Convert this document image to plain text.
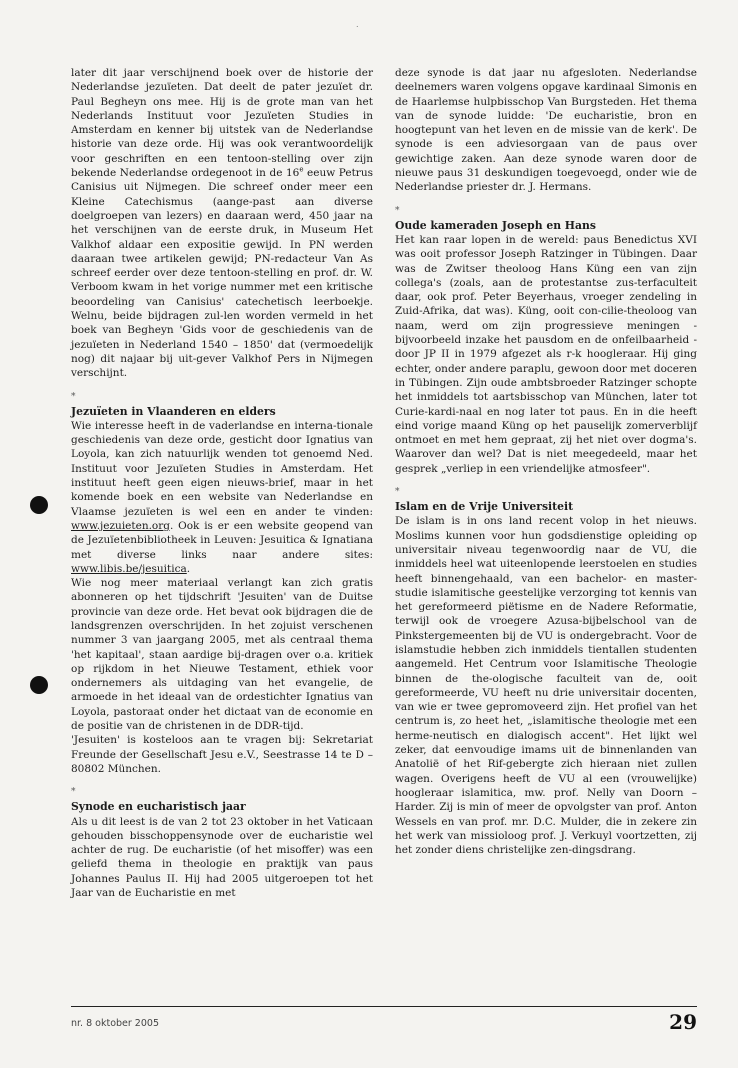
.

later dit jaar verschijnend boek over de historie der Nederlandse jezuïeten. Dat deelt de pater jezuïet dr. Paul Begheyn ons mee. Hij is de grote man van het Nederlands Instituut voor Jezuïeten Studies in Amsterdam en kenner bij uitstek van de Nederlandse historie van deze orde. Hij was ook verantwoordelijk voor geschriften en een tentoon-stelling over zijn bekende Nederlandse ordegenoot in de 16e eeuw Petrus Canisius uit Nijmegen. Die schreef onder meer een Kleine Catechismus (aange-past aan diverse doelgroepen van lezers) en daaraan werd, 450 jaar na het verschijnen van de eerste druk, in Museum Het Valkhof aldaar een expositie gewijd. In PN werden daaraan twee artikelen gewijd; PN-redacteur Van As schreef eerder over deze tentoon-stelling en prof. dr. W. Verboom kwam in het vorige nummer met een kritische beoordeling van Canisius' catechetisch leerboekje. Welnu, beide bijdragen zul-len worden vermeld in het boek van Begheyn 'Gids voor de geschiedenis van de jezuïeten in Nederland 1540 – 1850' dat (vermoedelijk nog) dit najaar bij uit-gever Valkhof Pers in Nijmegen verschijnt.

*
Jezuïeten in Vlaanderen en elders

Wie interesse heeft in de vaderlandse en interna-tionale geschiedenis van deze orde, gesticht door Ignatius van Loyola, kan zich natuurlijk wenden tot genoemd Ned. Instituut voor Jezuïeten Studies in Amsterdam. Het instituut heeft geen eigen nieuws-brief, maar in het komende boek en een website van Nederlandse en Vlaamse jezuïeten is wel een en ander te vinden: www.jezuieten.org. Ook is er een website geopend van de Jezuïetenbibliotheek in Leuven: Jesuitica & Ignatiana met diverse links naar andere sites: www.libis.be/jesuitica.

Wie nog meer materiaal verlangt kan zich gratis abonneren op het tijdschrift 'Jesuiten' van de Duitse provincie van deze orde. Het bevat ook bijdragen die de landsgrenzen overschrijden. In het zojuist verschenen nummer 3 van jaargang 2005, met als centraal thema 'het kapitaal', staan aardige bij-dragen over o.a. kritiek op rijkdom in het Nieuwe Testament, ethiek voor ondernemers als uitdaging van het evangelie, de armoede in het ideaal van de ordestichter Ignatius van Loyola, pastoraat onder het dictaat van de economie en de positie van de christenen in de DDR-tijd.

'Jesuiten' is kosteloos aan te vragen bij: Sekretariat Freunde der Gesellschaft Jesu e.V., Seestrasse 14 te D – 80802 München.

*
Synode en eucharistisch jaar

Als u dit leest is de van 2 tot 23 oktober in het Vaticaan gehouden bisschoppensynode over de eucharistie wel achter de rug. De eucharistie (of het misoffer) was een geliefd thema in theologie en praktijk van paus Johannes Paulus II. Hij had 2005 uitgeroepen tot het Jaar van de Eucharistie en met

deze synode is dat jaar nu afgesloten. Nederlandse deelnemers waren volgens opgave kardinaal Simonis en de Haarlemse hulpbisschop Van Burgsteden. Het thema van de synode luidde: 'De eucharistie, bron en hoogtepunt van het leven en de missie van de kerk'. De synode is een adviesorgaan van de paus over gewichtige zaken. Aan deze synode waren door de nieuwe paus 31 deskundigen toegevoegd, onder wie de Nederlandse priester dr. J. Hermans.

*
Oude kameraden Joseph en Hans

Het kan raar lopen in de wereld: paus Benedictus XVI was ooit professor Joseph Ratzinger in Tübingen. Daar was de Zwitser theoloog Hans Küng een van zijn collega's (zoals, aan de protestantse zus-terfaculteit daar, ook prof. Peter Beyerhaus, vroeger zendeling in Zuid-Afrika, dat was). Küng, ooit con-cilie-theoloog van naam, werd om zijn progressieve meningen - bijvoorbeeld inzake het pausdom en de onfeilbaarheid - door JP II in 1979 afgezet als r-k hoogleraar. Hij ging echter, onder andere paraplu, gewoon door met doceren in Tübingen. Zijn oude ambtsbroeder Ratzinger schopte het inmiddels tot aartsbisschop van München, later tot Curie-kardi-naal en nog later tot paus. En in die heeft eind vorige maand Küng op het pauselijk zomerverblijf ontmoet en met hem gepraat, zij het niet over dogma's. Waarover dan wel? Dat is niet meegedeeld, maar het gesprek „verliep in een vriendelijke atmosfeer".

*
Islam en de Vrije Universiteit

De islam is in ons land recent volop in het nieuws. Moslims kunnen voor hun godsdienstige opleiding op universitair niveau tegenwoordig naar de VU, die inmiddels heel wat uiteenlopende leerstoelen en studies heeft binnengehaald, van een bachelor- en master-studie islamitische geestelijke verzorging tot kennis van het gereformeerd piëtisme en de Nadere Reformatie, terwijl ook de vroegere Azusa-bijbelschool van de Pinkstergemeenten bij de VU is ondergebracht. Voor de islamstudie hebben zich inmiddels tientallen studenten aangemeld. Het Centrum voor Islamitische Theologie binnen de the-ologische faculteit van de, ooit gereformeerde, VU heeft nu drie universitair docenten, van wie er twee gepromoveerd zijn. Het profiel van het centrum is, zo heet het, „islamitische theologie met een herme-neutisch en dialogisch accent". Het lijkt wel zeker, dat eenvoudige imams uit de binnenlanden van Anatolië of het Rif-gebergte zich hieraan niet zullen wagen. Overigens heeft de VU al een (vrouwelijke) hoogleraar islamitica, mw. prof. Nelly van Doorn – Harder. Zij is min of meer de opvolgster van prof. Anton Wessels en van prof. mr. D.C. Mulder, die in zekere zin het werk van missioloog prof. J. Verkuyl voortzetten, zij het zonder diens christelijke zen-dingsdrang.

nr. 8 oktober 2005	29
